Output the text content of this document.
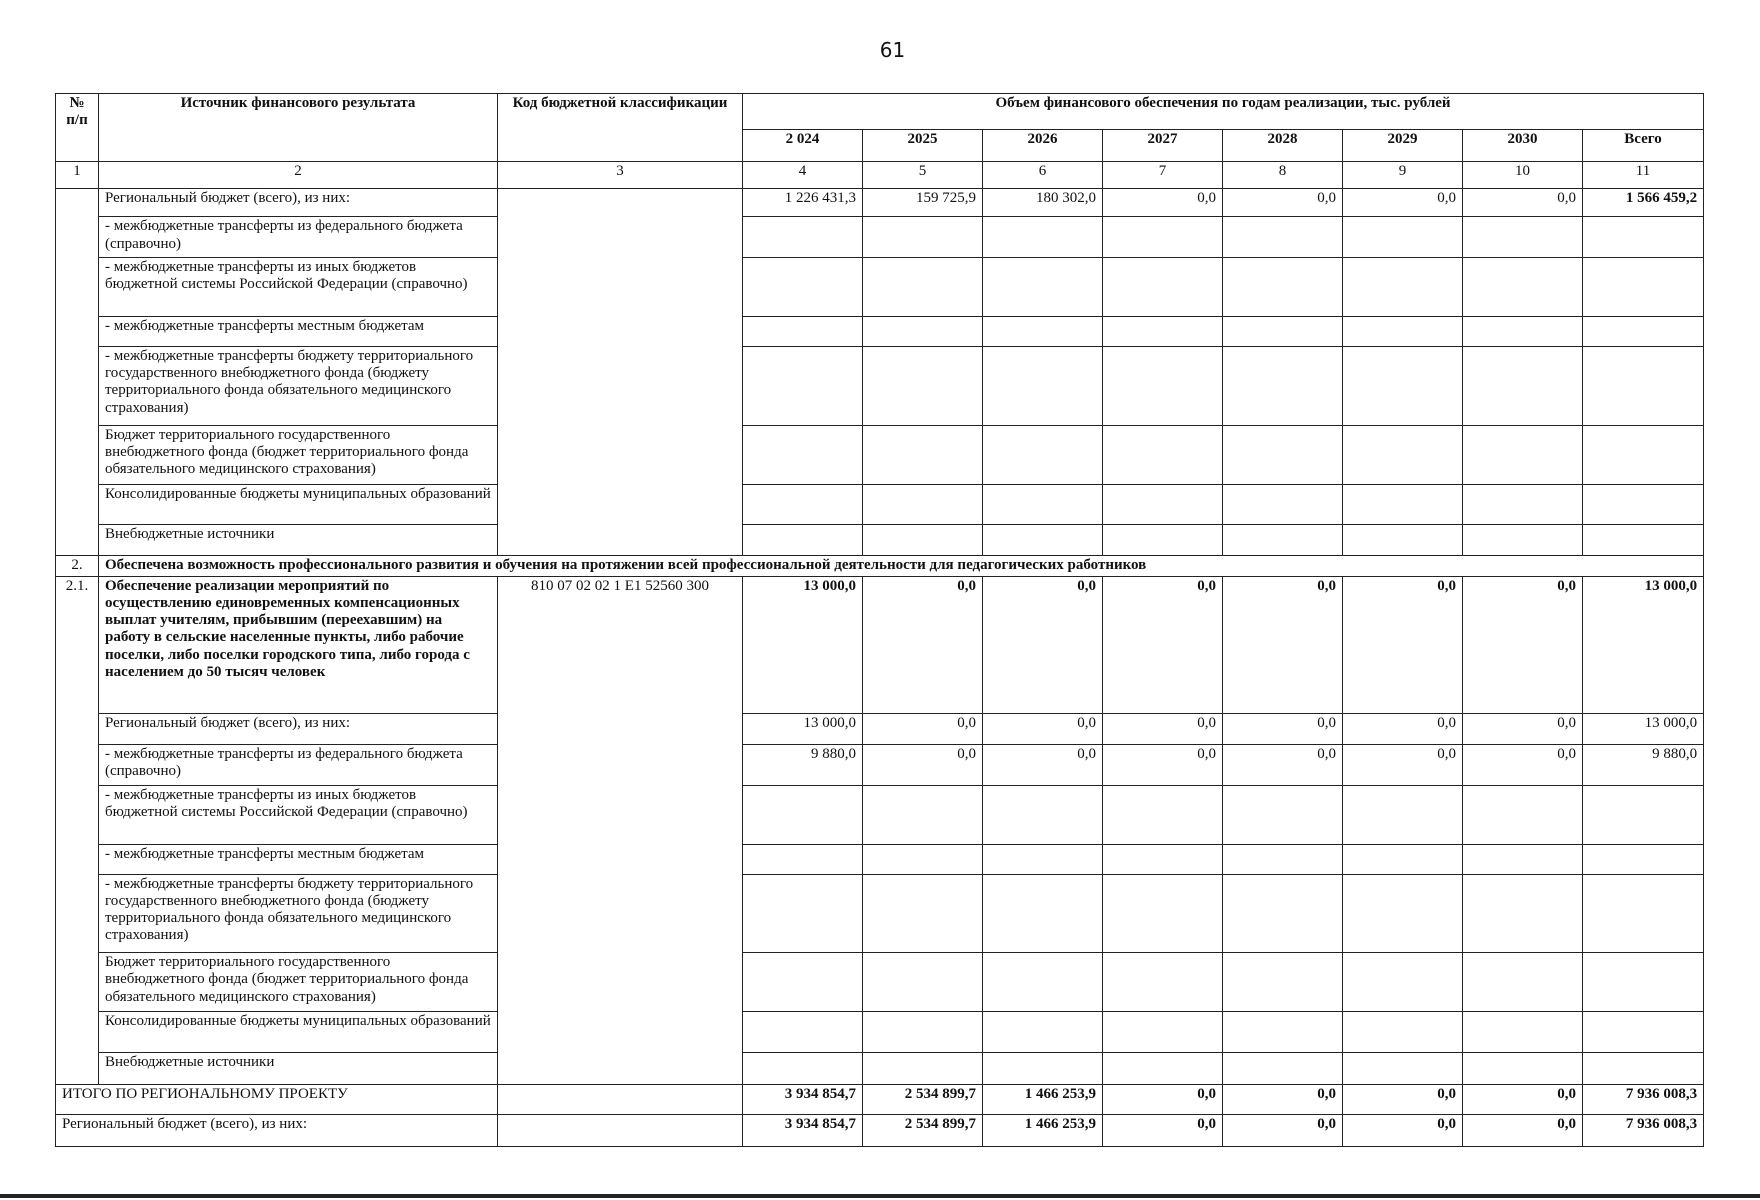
61
№ п/п	Источник финансового результата	Код бюджетной классификации	Объем финансового обеспечения по годам реализации, тыс. рублей							
			2 024	2025	2026	2027	2028	2029	2030	Всего
1	2	3	4	5	6	7	8	9	10	11
	Региональный бюджет (всего), из них:		1 226 431,3	159 725,9	180 302,0	0,0	0,0	0,0	0,0	1 566 459,2
	- межбюджетные трансферты из федерального бюджета (справочно)									
	- межбюджетные трансферты из иных бюджетов бюджетной системы Российской Федерации (справочно)									
	- межбюджетные трансферты местным бюджетам									
	- межбюджетные трансферты бюджету территориального государственного внебюджетного фонда (бюджету территориального фонда обязательного медицинского страхования)									
	Бюджет территориального государственного внебюджетного фонда (бюджет территориального фонда обязательного медицинского страхования)									
	Консолидированные бюджеты муниципальных образований									
	Внебюджетные источники									
2.	Обеспечена возможность профессионального развития и обучения на протяжении всей профессиональной деятельности для педагогических работников									
2.1.	Обеспечение реализации мероприятий по осуществлению единовременных компенсационных выплат учителям, прибывшим (переехавшим) на работу в сельские населенные пункты, либо рабочие поселки, либо поселки городского типа, либо города с населением до 50 тысяч человек	810 07 02 02 1 Е1 52560 300	13 000,0	0,0	0,0	0,0	0,0	0,0	0,0	13 000,0
	Региональный бюджет (всего), из них:		13 000,0	0,0	0,0	0,0	0,0	0,0	0,0	13 000,0
	- межбюджетные трансферты из федерального бюджета (справочно)		9 880,0	0,0	0,0	0,0	0,0	0,0	0,0	9 880,0
	- межбюджетные трансферты из иных бюджетов бюджетной системы Российской Федерации (справочно)									
	- межбюджетные трансферты местным бюджетам									
	- межбюджетные трансферты бюджету территориального государственного внебюджетного фонда (бюджету территориального фонда обязательного медицинского страхования)									
	Бюджет территориального государственного внебюджетного фонда (бюджет территориального фонда обязательного медицинского страхования)									
	Консолидированные бюджеты муниципальных образований									
	Внебюджетные источники									
ИТОГО ПО РЕГИОНАЛЬНОМУ ПРОЕКТУ			3 934 854,7	2 534 899,7	1 466 253,9	0,0	0,0	0,0	0,0	7 936 008,3
Региональный бюджет (всего), из них:			3 934 854,7	2 534 899,7	1 466 253,9	0,0	0,0	0,0	0,0	7 936 008,3
